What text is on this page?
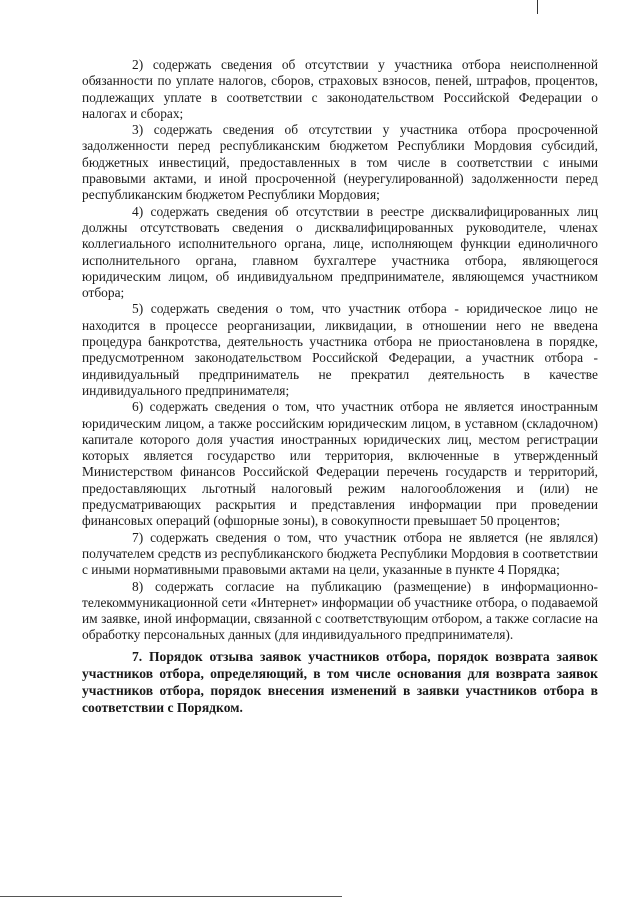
2) содержать сведения об отсутствии у участника отбора неисполненной обязанности по уплате налогов, сборов, страховых взносов, пеней, штрафов, процентов, подлежащих уплате в соответствии с законодательством Российской Федерации о налогах и сборах;

3) содержать сведения об отсутствии у участника отбора просроченной задолженности перед республиканским бюджетом Республики Мордовия субсидий, бюджетных инвестиций, предоставленных в том числе в соответствии с иными правовыми актами, и иной просроченной (неурегулированной) задолженности перед республиканским бюджетом Республики Мордовия;

4) содержать сведения об отсутствии в реестре дисквалифицированных лиц должны отсутствовать сведения о дисквалифицированных руководителе, членах коллегиального исполнительного органа, лице, исполняющем функции единоличного исполнительного органа, главном бухгалтере участника отбора, являющегося юридическим лицом, об индивидуальном предпринимателе, являющемся участником отбора;

5) содержать сведения о том, что участник отбора - юридическое лицо не находится в процессе реорганизации, ликвидации, в отношении него не введена процедура банкротства, деятельность участника отбора не приостановлена в порядке, предусмотренном законодательством Российской Федерации, а участник отбора - индивидуальный предприниматель не прекратил деятельность в качестве индивидуального предпринимателя;

6) содержать сведения о том, что участник отбора не является иностранным юридическим лицом, а также российским юридическим лицом, в уставном (складочном) капитале которого доля участия иностранных юридических лиц, местом регистрации которых является государство или территория, включенные в утвержденный Министерством финансов Российской Федерации перечень государств и территорий, предоставляющих льготный налоговый режим налогообложения и (или) не предусматривающих раскрытия и представления информации при проведении финансовых операций (офшорные зоны), в совокупности превышает 50 процентов;

7) содержать сведения о том, что участник отбора не является (не являлся) получателем средств из республиканского бюджета Республики Мордовия в соответствии с иными нормативными правовыми актами на цели, указанные в пункте 4 Порядка;

8) содержать согласие на публикацию (размещение) в информационно-телекоммуникационной сети «Интернет» информации об участнике отбора, о подаваемой им заявке, иной информации, связанной с соответствующим отбором, а также согласие на обработку персональных данных (для индивидуального предпринимателя).

7. Порядок отзыва заявок участников отбора, порядок возврата заявок участников отбора, определяющий, в том числе основания для возврата заявок участников отбора, порядок внесения изменений в заявки участников отбора в соответствии с Порядком.
